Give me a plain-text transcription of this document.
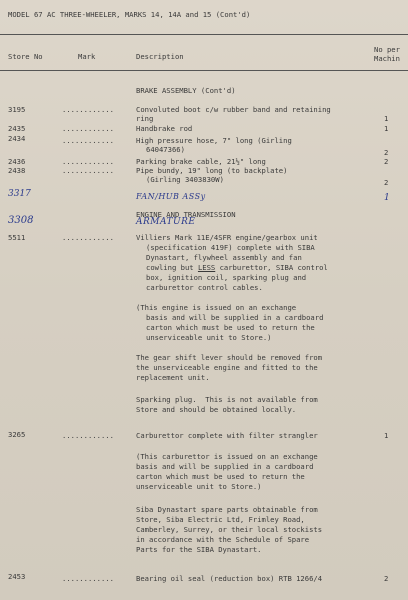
MODEL 67 AC THREE-WHEELER, MARKS 14, 14A and 15 (Cont'd)
Store No	Mark	Description
No per
Machin
BRAKE ASSEMBLY (Cont'd)
3195	............	Convoluted boot c/w rubber band and retaining
ring	1
2435	............	Handbrake rod	1
2434	............	High pressure hose, 7" long (Girling
64047366)	2
2436	............	Parking brake cable, 21½" long	2
2438	............	Pipe bundy, 19" long (to backplate)
(Girling 3403830W)	2
3317	FAN/HUB ASSy	1
ENGINE AND TRANSMISSION
3308	ARMATURE
5511	............	Villiers Mark 11E/4SFR engine/gearbox unit
(specification 419F) complete with SIBA
Dynastart, flywheel assembly and fan
cowling but LESS carburettor, SIBA control
box, ignition coil, sparking plug and
carburettor control cables.
(This engine is issued on an exchange
basis and will be supplied in a cardboard
carton which must be used to return the
unserviceable unit to Store.)
The gear shift lever should be removed from
the unserviceable engine and fitted to the
replacement unit.
Sparking plug.  This is not available from
Store and should be obtained locally.
3265	............	Carburettor complete with filter strangler	1
(This carburettor is issued on an exchange
basis and will be supplied in a cardboard
carton which must be used to return the
unserviceable unit to Store.)
Siba Dynastart spare parts obtainable from
Store, Siba Electric Ltd, Frimley Road,
Camberley, Surrey, or their local stockists
in accordance with the Schedule of Spare
Parts for the SIBA Dynastart.
2453	............	Bearing oil seal (reduction box) RTB 1266/4	2
